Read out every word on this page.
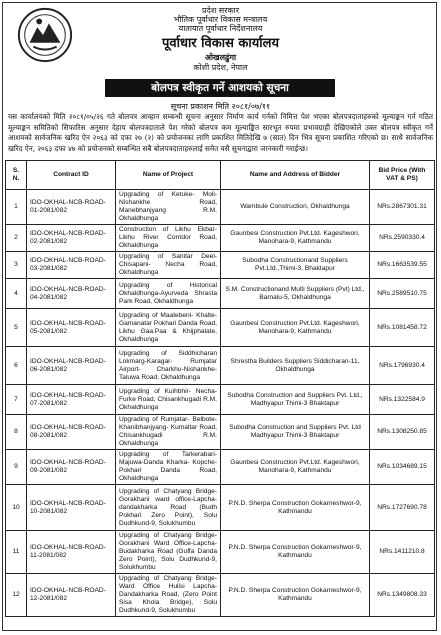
प्रदेश सरकार
भौतिक पूर्वाधार विकास मन्त्रालय
यातायात पूर्वाधार निर्देशनालय
पूर्वाधार विकास कार्यालय
ओखलढुंगा
कोशी प्रदेश, नेपाल
बोलपत्र स्वीकृत गर्ने आशयको सूचना
सूचना प्रकाशन मिति २०८१/०७/११
यस कार्यालयको मिति २०८१/०५/२६ गते बोलपत्र आव्हान सम्बन्धी सूचना अनुसार निर्माण कार्य गर्नको निमित्त पेश भएका बोलपत्रदाताहरुको मूल्याङ्कन गर्न गठित मूल्याङ्कन समितिको सिफारिस अनुसार देहाय बोलपत्रदाताले पेश गरेको बोलपत्र कम मूल्याङ्कित सारभूत रुपमा प्रभावग्राही देखिएकोले उक्त बोलपत्र स्वीकृत गर्ने आशयको सार्वजनिक खरिद ऐन २०६३ को दफा २७ (२) को प्रयोजनका लागि प्रकाशित मितिदेखि ७ (सात) दिन भित्र सूचना प्रकाशित गरिएको छ। साथै सार्वजनिक खरिद ऐन, २०६३ दफा ४७ को प्रयोजनको सम्बन्धित सबै बोलपत्रदाताहरुलाई समेत यसै सूचनाद्वारा जानकारी गराईन्छ।
S. N.	Contract ID	Name of Project	Name and Address of Bidder	Bid Price (With VAT & PS)
1	IDO-OKHAL-NCB-ROAD-01-2081/082	Upgrading of Ketuke- Moli- Nishankhe Road, Manebhanjyang R.M. Okhaldhunga	Wambule Construction, Okhaldhunga	NRs.2867301.31
2	IDO-OKHAL-NCB-ROAD-02-2081/082	Construction of Likhu Ekbar- Likhu River Corridor Road, Okhaldhunga	Gaunbesi Construction Pvt.Ltd. Kageshwori, Manohara-9, Kathmandu	NRs.2590330.4
3	IDO-OKHAL-NCB-ROAD-03-2081/082	Upgrading of Sanitar Deel- Chisapani- Necha Road, Okhaldhunga	Subodha Constructionand Suppliers Pvt.Ltd.,Thimi-3, Bhaktapur	NRs.1663539.55
4	IDO-OKHAL-NCB-ROAD-04-2081/082	Upgrading of Historical Okhaldhunga-Ayurveda Shrasta Park Road, Okhaldhunga	S.M. Constructionand Multi Suppliers (Pvt) Ltd., Barnalu-5, Okhaldhunga	NRs.2589510.75
5	IDO-OKHAL-NCB-ROAD-05-2081/082	Upgrading of Maatebeni- Khalte-Gamanatar Pokhari Danda Road, Likhu Gaa.Paa & Khijphalate, Okhaldhunga	Gaunbesi Construction Pvt.Ltd. Kageshwori, Manohara-9, Kathmandu	NRs.1081458.72
6	IDO-OKHAL-NCB-ROAD-06-2081/082	Upgrading of Siddhicharan Lokmarg-Karagar- Rumjatar Airport- Charkhu-Nishankhe- Taluwa Road, Okhaldhunga	Shrestha Builders Suppliers Siddicharan-11, Okhaldhunga	NRs.1796930.4
7	IDO-OKHAL-NCB-ROAD-07-2081/082	Upgrading of Kuihbhir- Necha- Furke Road, Chisankhugadi R.M. Okhaldhunga	Subodha Construction and Suppliers Pvt. Ltd., Madhyapur Thimi-3 Bhaktapur	NRs.1322584.9
8	IDO-OKHAL-NCB-ROAD-08-2081/082	Upgrading of Rumjatar- Belbote-Khanibhanjyang- Kumaltar Road, Chisankhugadi R.M. Okhaldhunga	Subodha Construction and Suppliers Pvt. Ltd Madhyapur Thimi-3 Bhaktapur	NRs.1308250.85
9	IDO-OKHAL-NCB-ROAD-09-2081/082	Upgrading of Tarkerabari- Majuwa-Danda Kharka- Kopche- Pokhari Danda Road, Okhaldhunga	Gaunbesi Construction Pvt.Ltd. Kageshwori, Manohara-9, Kathmandu	NRs.1034689.15
10	IDO-OKHAL-NCB-ROAD-10-2081/082	Upgrading of Chatyang Bridge-Gorakhani ward office-Lapcha-dandakharka Road (Budh Pokhari Zero Point), Solu Dudhkund-9, Solukhumbu	P.N.D. Sherpa Construction Gokarneshwor-9, Kathmandu	NRs.1727690.78
11	IDO-OKHAL-NCB-ROAD-11-2081/082	Upgrading of Chatyang Bridge-Gorakhani Ward Office-Lapcha-Budakharka Road (Guffa Danda Zero Point), Solu Dudhkund-9, Solukhumbu	P.N.D. Sherpa Construction Gokarneshwor-9, Kathmandu	NRs.1411210.8
12	IDO-OKHAL-NCB-ROAD-12-2081/082	Upgrading of Chatyang Bridge-Ward Office Hulisi Lapcha-Dandakharka Road, (Zero Point Sisa Khola Bridge), Solu Dudhkund-9, Solukhumbu	P.N.D. Sherpa Construction Gokarneshwor-9, Kathmandu	NRs.1349808.33
